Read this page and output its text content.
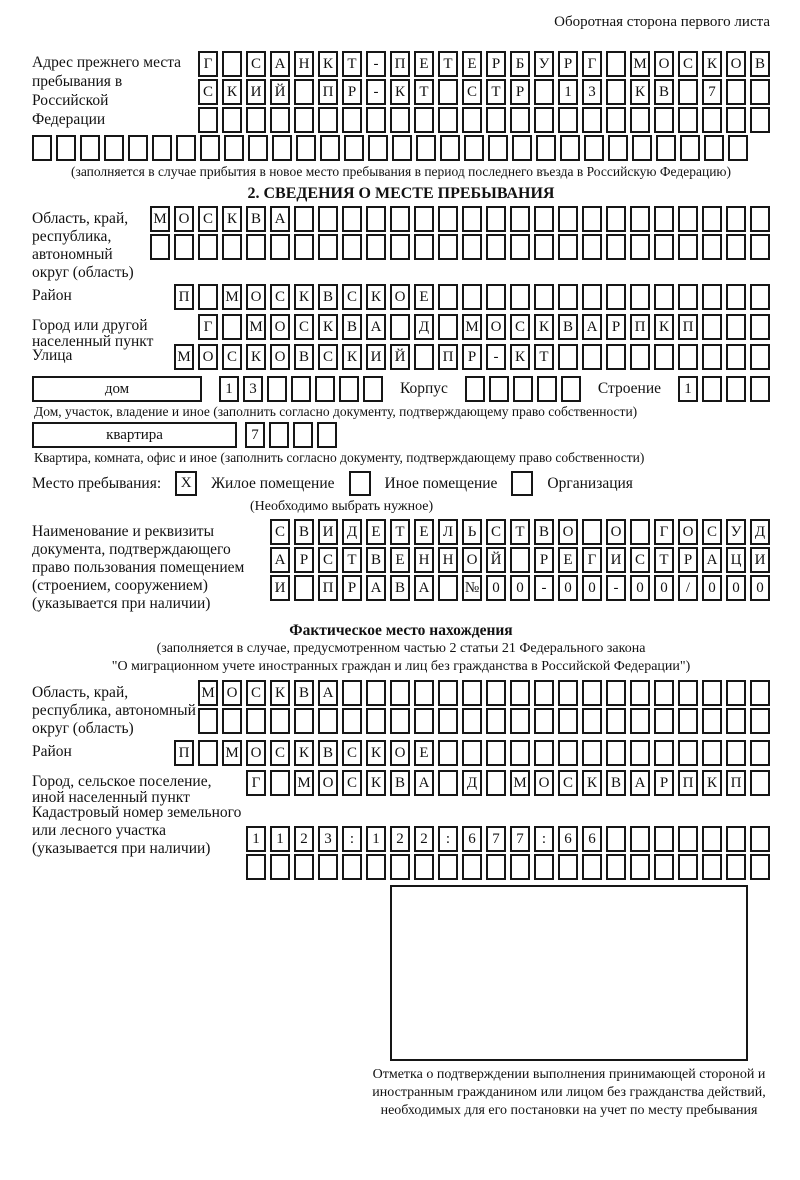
Оборотная сторона первого листа
Адрес прежнего места пребывания в Российской Федерации
Г	С А Н К Т	-	П Е Т Е	Р	Б У Р	Г	М О С К О В
С К И Й	П Р	-	К Т	С Т	Р	1	3	К В	7
(заполняется в случае прибытия в новое место пребывания в период последнего въезда в Российскую Федерацию)
2. СВЕДЕНИЯ О МЕСТЕ ПРЕБЫВАНИЯ
Область, край, республика, автономный округ (область)
М О С К В А
Район	П	М О С К В С К О Е
Город или другой населенный пункт
Г	М О С К В А	Д	М О С К В А Р П К П
Улица	М О С К О В С К И Й	П Р	-	К Т
дом	1	3	Корпус	Строение	1
Дом, участок, владение и иное (заполнить согласно документу, подтверждающему право собственности)
квартира	7
Квартира, комната, офис и иное (заполнить согласно документу, подтверждающему право собственности)
Место пребывания:	X	Жилое помещение	Иное помещение	Организация
(Необходимо выбрать нужное)
Наименование и реквизиты документа, подтверждающего право пользования помещением (строением, сооружением) (указывается при наличии)
С В И Д Е Т Е Л Ь С Т В О	О	Г О С У Д
А Р С Т В Е Н Н О Й	Р	Е	Г И С Т	Р А Ц И
И	П Р А В А	№ 0	0	-	0	0	-	0	0	/	0	0	0
Фактическое место нахождения
(заполняется в случае, предусмотренном частью 2 статьи 21 Федерального закона
"О миграционном учете иностранных граждан и лиц без гражданства в Российской Федерации")
Область, край, республика, автономный округ (область)
М О С К В А
Район	П	М О С К В С К О Е
Город, сельское поселение, иной населенный пункт
Г	М О С К В А	Д	М О С К В А Р П К П
Кадастровый номер земельного или лесного участка (указывается при наличии)
1	1	2	3	:	1	2	2	:	6	7	7	:	6	6
Отметка о подтверждении выполнения принимающей стороной и иностранным гражданином или лицом без гражданства действий, необходимых для его постановки на учет по месту пребывания
